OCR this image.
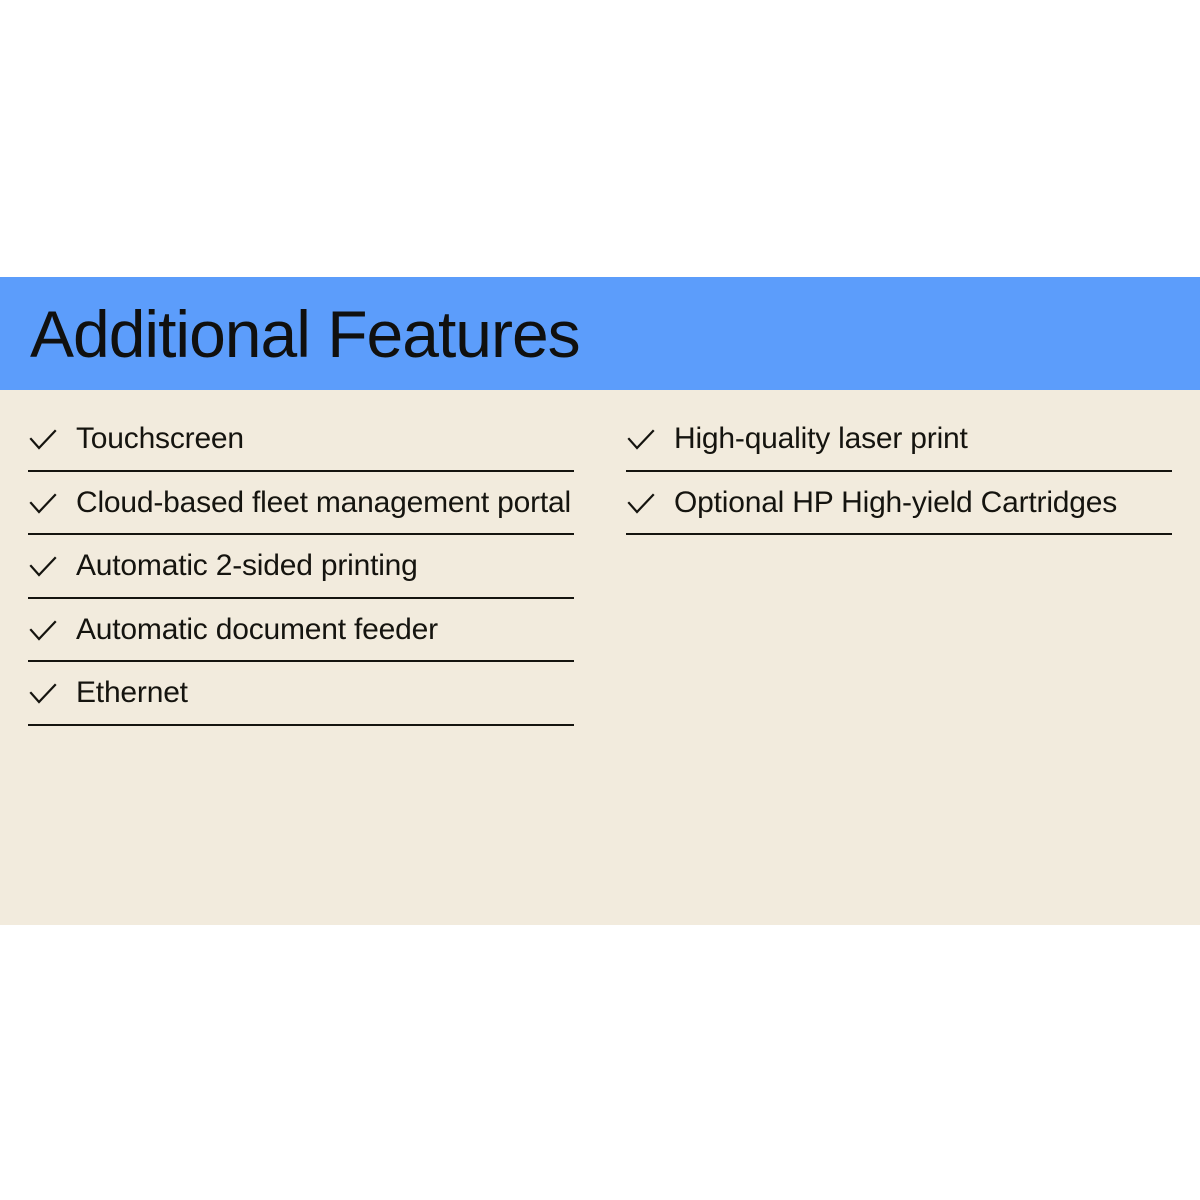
Additional Features
Touchscreen
Cloud-based fleet management portal
Automatic 2-sided printing
Automatic document feeder
Ethernet
High-quality laser print
Optional HP High-yield Cartridges
